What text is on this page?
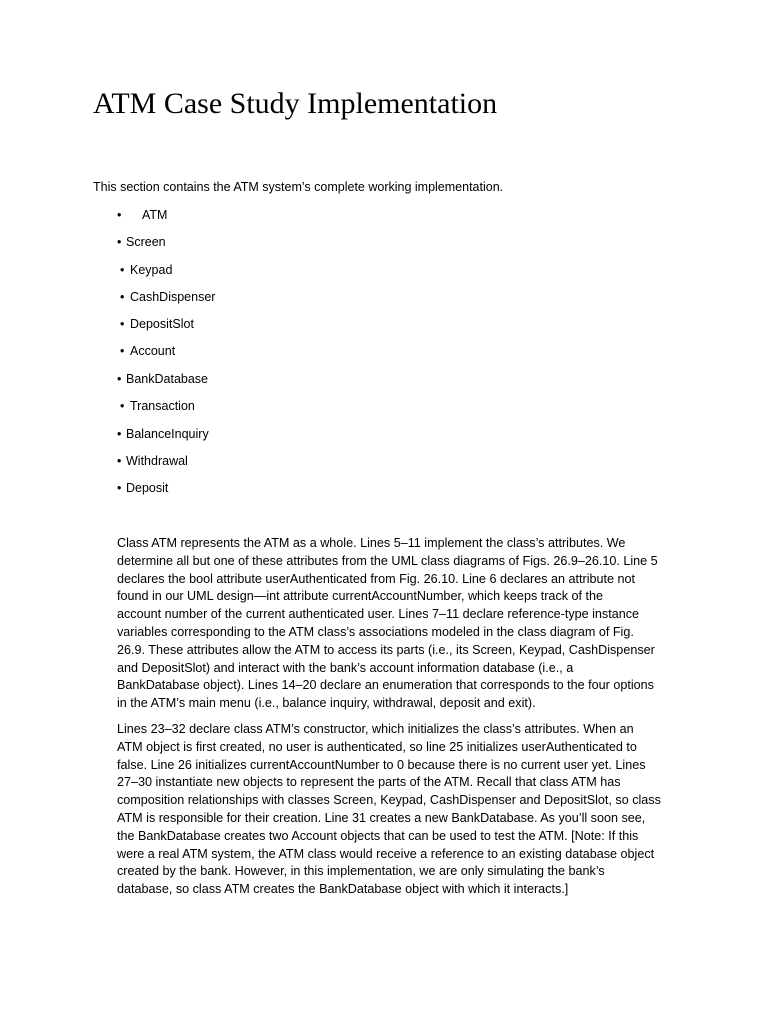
ATM Case Study Implementation

This section contains the ATM system’s complete working implementation.

• ATM

• Screen

• Keypad

• CashDispenser

• DepositSlot

• Account

• BankDatabase

• Transaction

• BalanceInquiry

• Withdrawal

• Deposit

Class ATM represents the ATM as a whole. Lines 5–11 implement the class’s attributes. We
determine all but one of these attributes from the UML class diagrams of Figs. 26.9–26.10. Line 5
declares the bool attribute userAuthenticated from Fig. 26.10. Line 6 declares an attribute not
found in our UML design—int attribute currentAccountNumber, which keeps track of the
account number of the current authenticated user. Lines 7–11 declare reference-type instance
variables corresponding to the ATM class’s associations modeled in the class diagram of Fig.
26.9. These attributes allow the ATM to access its parts (i.e., its Screen, Keypad, CashDispenser
and DepositSlot) and interact with the bank’s account information database (i.e., a
BankDatabase object). Lines 14–20 declare an enumeration that corresponds to the four options
in the ATM’s main menu (i.e., balance inquiry, withdrawal, deposit and exit).
Lines 23–32 declare class ATM’s constructor, which initializes the class’s attributes. When an
ATM object is first created, no user is authenticated, so line 25 initializes userAuthenticated to
false. Line 26 initializes currentAccountNumber to 0 because there is no current user yet. Lines
27–30 instantiate new objects to represent the parts of the ATM. Recall that class ATM has
composition relationships with classes Screen, Keypad, CashDispenser and DepositSlot, so class
ATM is responsible for their creation. Line 31 creates a new BankDatabase. As you’ll soon see,
the BankDatabase creates two Account objects that can be used to test the ATM. [Note: If this
were a real ATM system, the ATM class would receive a reference to an existing database object
created by the bank. However, in this implementation, we are only simulating the bank’s
database, so class ATM creates the BankDatabase object with which it interacts.]
